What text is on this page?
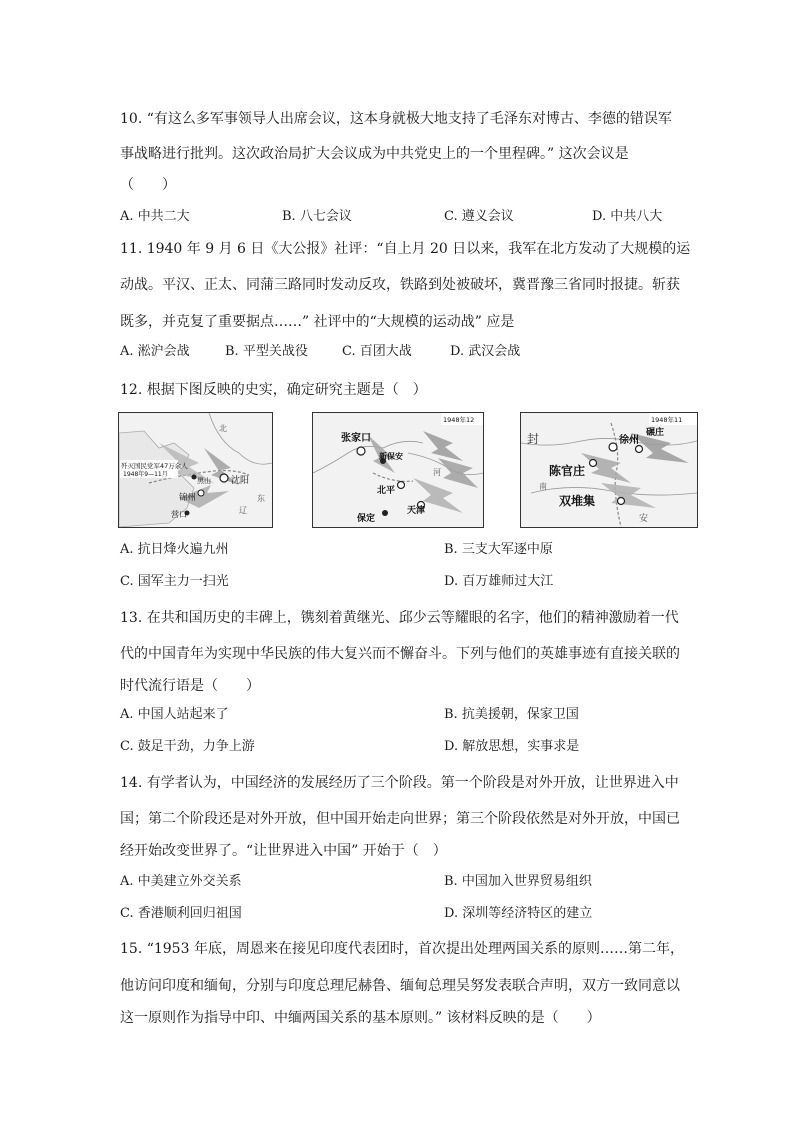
10. “有这么多军事领导人出席会议，这本身就极大地支持了毛泽东对博古、李德的错误军
事战略进行批判。这次政治局扩大会议成为中共党史上的一个里程碑。” 这次会议是
（　　）
A. 中共二大	B. 八七会议	C. 遵义会议	D. 中共八大
11. 1940 年 9 月 6 日《大公报》社评：“自上月 20 日以来，我军在北方发动了大规模的运
动战。平汉、正太、同蒲三路同时发动反攻，铁路到处被破坏，冀晋豫三省同时报捷。斩获
既多，并克复了重要据点……” 社评中的“大规模的运动战” 应是
A. 淞沪会战	B. 平型关战役	C. 百团大战	D. 武汉会战
12. 根据下图反映的史实，确定研究主题是（　）
歼灭国民党军47万余人
1948年9—11月
沈阳
锦州
营口
黑山
北
辽
东
1948年12
张家口
新保安
北平
天津
保定
河
1948年11
徐州
碾庄
陈官庄
双堆集
封
安
南
A. 抗日烽火遍九州	B. 三支大军逐中原
C. 国军主力一扫光	D. 百万雄师过大江
13. 在共和国历史的丰碑上，镌刻着黄继光、邱少云等耀眼的名字，他们的精神激励着一代
代的中国青年为实现中华民族的伟大复兴而不懈奋斗。下列与他们的英雄事迹有直接关联的
时代流行语是（　　）
A. 中国人站起来了	B. 抗美援朝，保家卫国
C. 鼓足干劲，力争上游	D. 解放思想，实事求是
14. 有学者认为，中国经济的发展经历了三个阶段。第一个阶段是对外开放，让世界进入中
国；第二个阶段还是对外开放，但中国开始走向世界；第三个阶段依然是对外开放，中国已
经开始改变世界了。“让世界进入中国” 开始于（　）
A. 中美建立外交关系	B. 中国加入世界贸易组织
C. 香港顺利回归祖国	D. 深圳等经济特区的建立
15. “1953 年底，周恩来在接见印度代表团时，首次提出处理两国关系的原则……第二年，
他访问印度和缅甸，分别与印度总理尼赫鲁、缅甸总理吴努发表联合声明，双方一致同意以
这一原则作为指导中印、中缅两国关系的基本原则。” 该材料反映的是（　　）
